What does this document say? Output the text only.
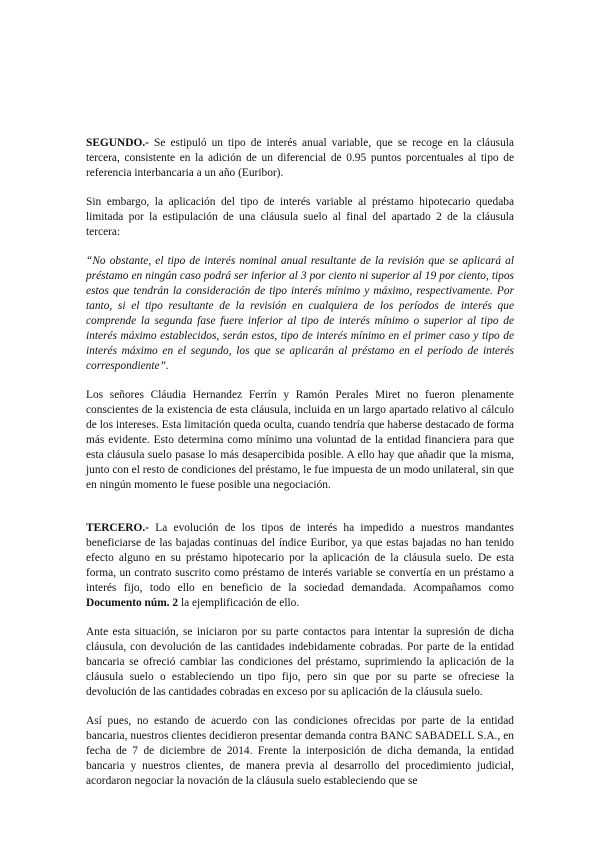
SEGUNDO.- Se estipuló un tipo de interés anual variable, que se recoge en la cláusula tercera, consistente en la adición de un diferencial de 0.95 puntos porcentuales al tipo de referencia interbancaria a un año (Euribor).

Sin embargo, la aplicación del tipo de interés variable al préstamo hipotecario quedaba limitada por la estipulación de una cláusula suelo al final del apartado 2 de la cláusula tercera:

“No obstante, el tipo de interés nominal anual resultante de la revisión que se aplicará al préstamo en ningún caso podrá ser inferior al 3 por ciento ni superior al 19 por ciento, tipos estos que tendrán la consideración de tipo interés mínimo y máximo, respectivamente. Por tanto, si el tipo resultante de la revisión en cualquiera de los períodos de interés que comprende la segunda fase fuere inferior al tipo de interés mínimo o superior al tipo de interés máximo establecidos, serán estos, tipo de interés mínimo en el primer caso y tipo de interés máximo en el segundo, los que se aplicarán al préstamo en el período de interés correspondiente”.

Los señores Cláudia Hernandez Ferrín y Ramón Perales Miret no fueron plenamente conscientes de la existencia de esta cláusula, incluida en un largo apartado relativo al cálculo de los intereses. Esta limitación queda oculta, cuando tendría que haberse destacado de forma más evidente. Esto determina como mínimo una voluntad de la entidad financiera para que esta cláusula suelo pasase lo más desapercibida posible. A ello hay que añadir que la misma, junto con el resto de condiciones del préstamo, le fue impuesta de un modo unilateral, sin que en ningún momento le fuese posible una negociación.

TERCERO.- La evolución de los tipos de interés ha impedido a nuestros mandantes beneficiarse de las bajadas continuas del índice Euribor, ya que estas bajadas no han tenido efecto alguno en su préstamo hipotecario por la aplicación de la cláusula suelo. De esta forma, un contrato suscrito como préstamo de interés variable se convertía en un préstamo a interés fijo, todo ello en beneficio de la sociedad demandada. Acompañamos como Documento núm. 2 la ejemplificación de ello.

Ante esta situación, se iniciaron por su parte contactos para intentar la supresión de dicha cláusula, con devolución de las cantidades indebidamente cobradas. Por parte de la entidad bancaria se ofreció cambiar las condiciones del préstamo, suprimiendo la aplicación de la cláusula suelo o estableciendo un tipo fijo, pero sin que por su parte se ofreciese la devolución de las cantidades cobradas en exceso por su aplicación de la cláusula suelo.

Así pues, no estando de acuerdo con las condiciones ofrecidas por parte de la entidad bancaria, nuestros clientes decidieron presentar demanda contra BANC SABADELL S.A., en fecha de 7 de diciembre de 2014. Frente la interposición de dicha demanda, la entidad bancaria y nuestros clientes, de manera previa al desarrollo del procedimiento judicial, acordaron negociar la novación de la cláusula suelo estableciendo que se
